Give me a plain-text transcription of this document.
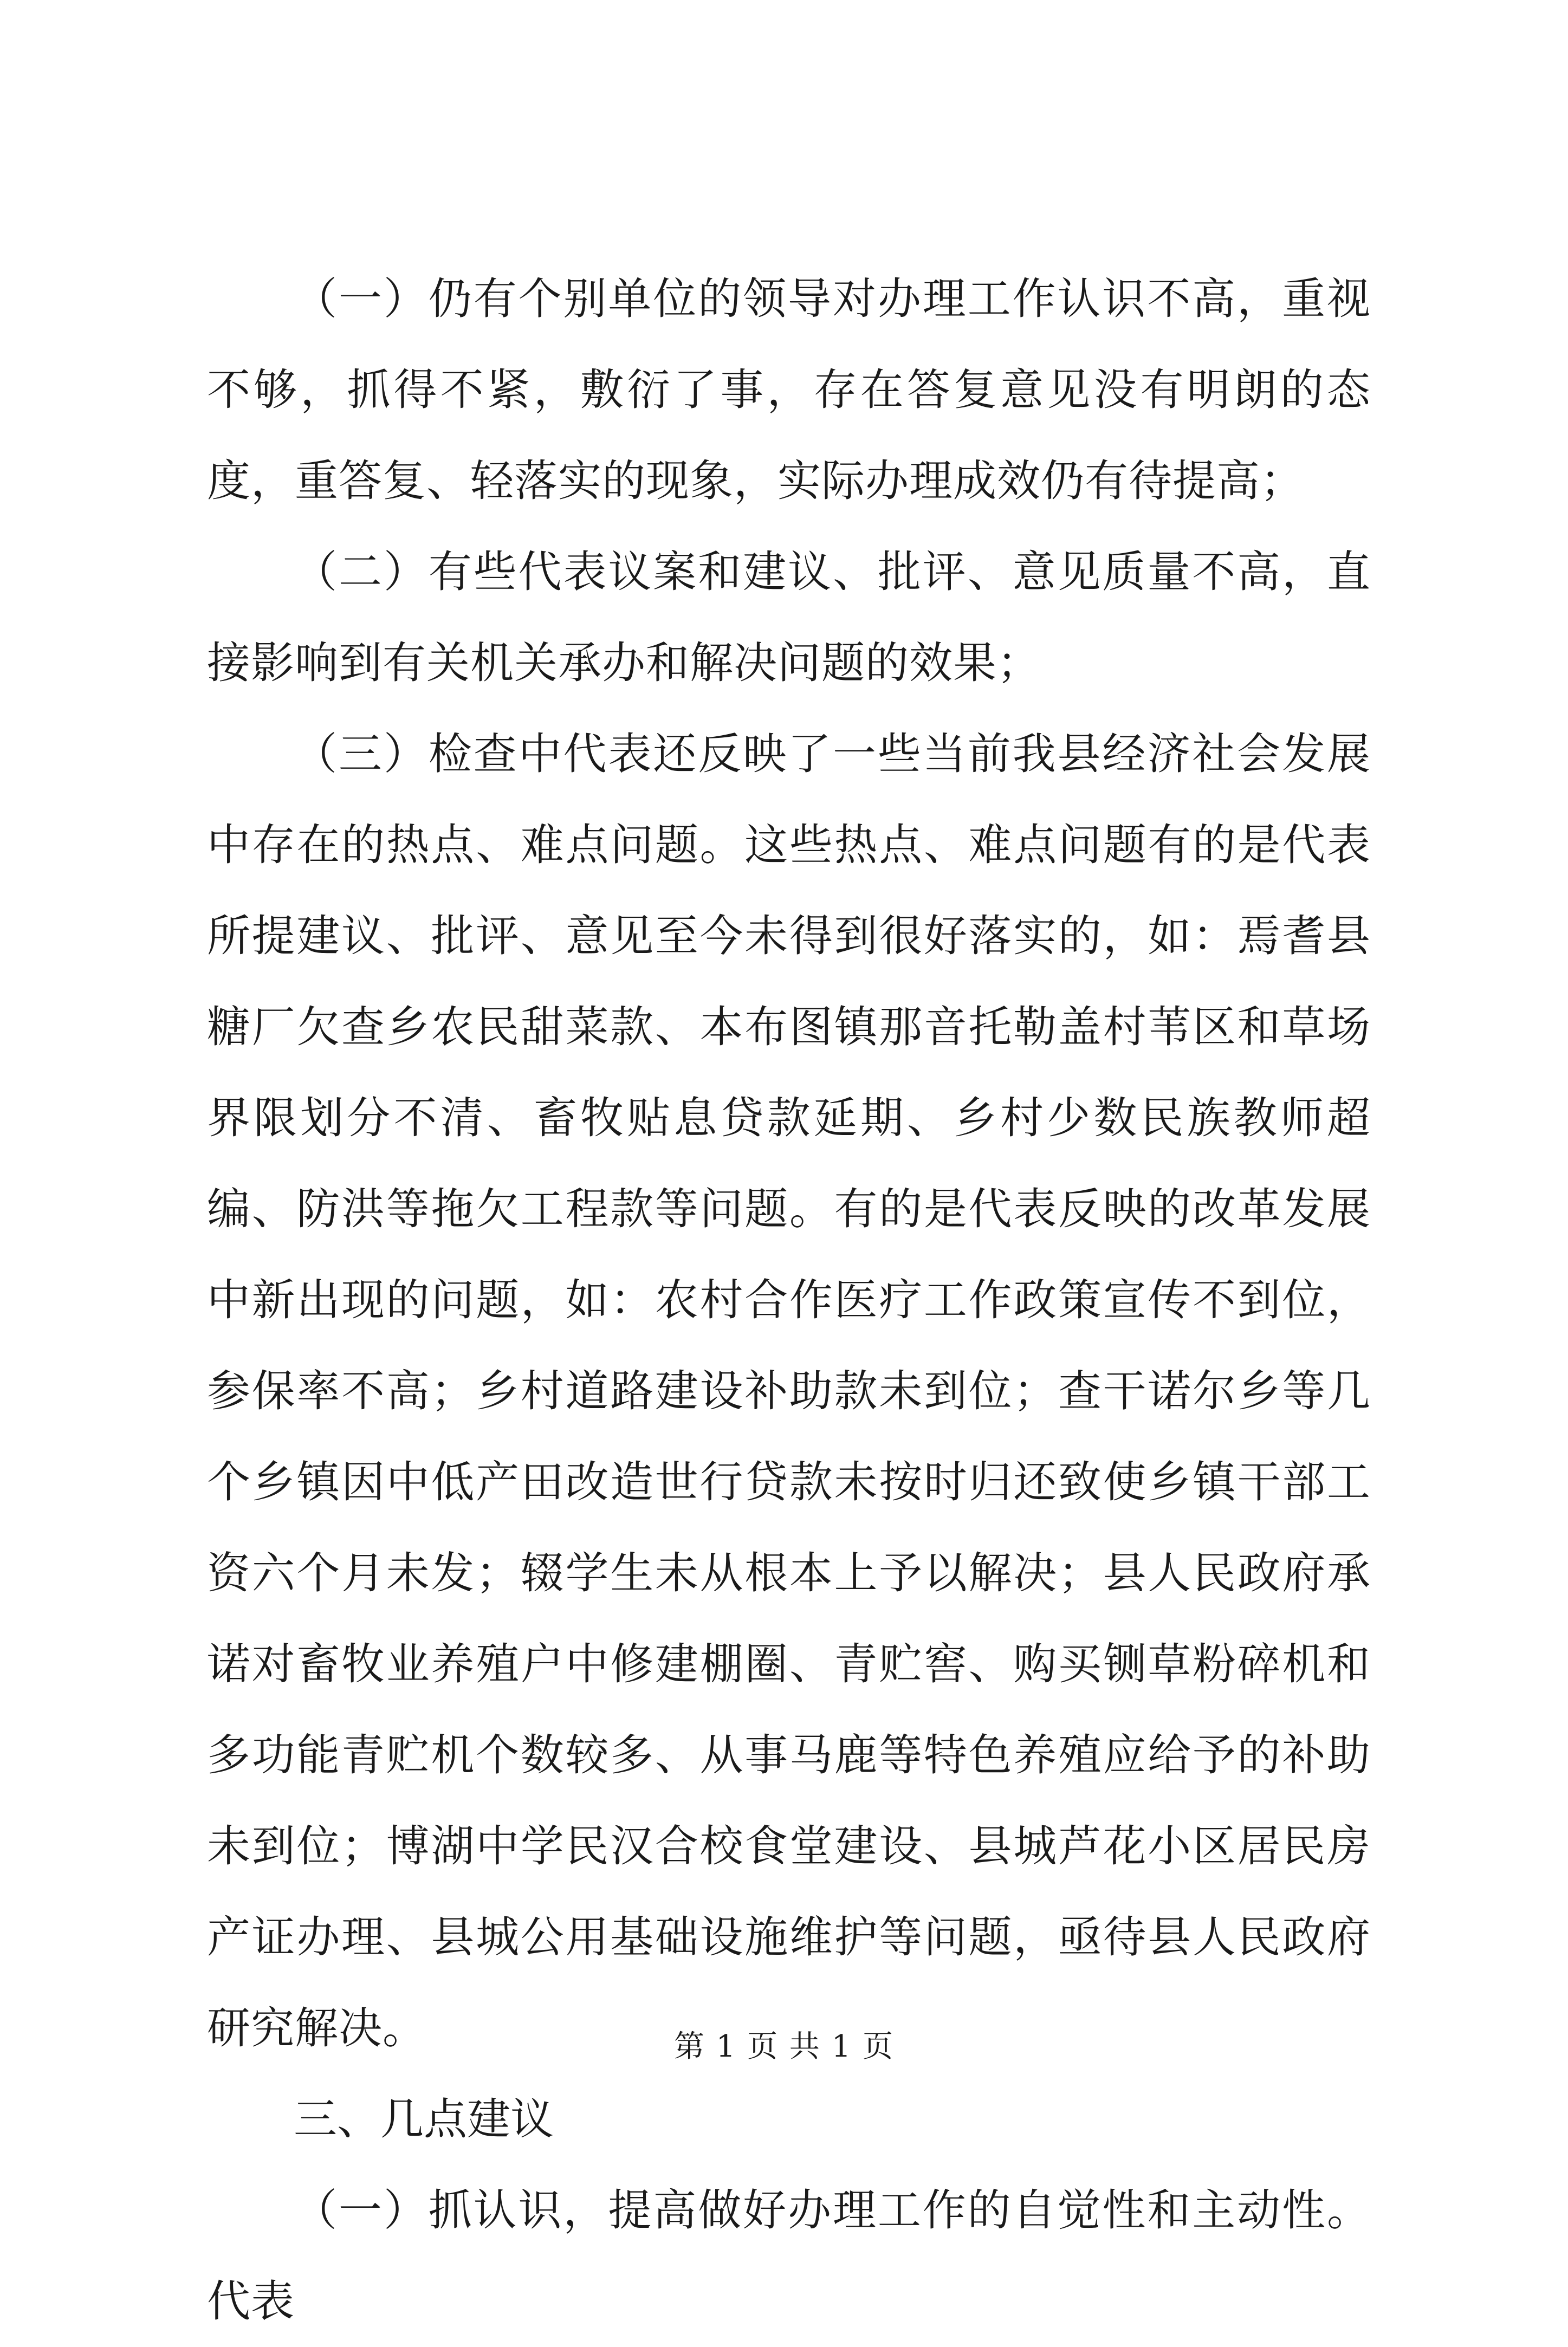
（一）仍有个别单位的领导对办理工作认识不高，重视不够，抓得不紧，敷衍了事，存在答复意见没有明朗的态度，重答复、轻落实的现象，实际办理成效仍有待提高；

（二）有些代表议案和建议、批评、意见质量不高，直接影响到有关机关承办和解决问题的效果；

（三）检查中代表还反映了一些当前我县经济社会发展中存在的热点、难点问题。这些热点、难点问题有的是代表所提建议、批评、意见至今未得到很好落实的，如：焉耆县糖厂欠查乡农民甜菜款、本布图镇那音托勒盖村苇区和草场界限划分不清、畜牧贴息贷款延期、乡村少数民族教师超编、防洪等拖欠工程款等问题。有的是代表反映的改革发展中新出现的问题，如：农村合作医疗工作政策宣传不到位，参保率不高；乡村道路建设补助款未到位；查干诺尔乡等几个乡镇因中低产田改造世行贷款未按时归还致使乡镇干部工资六个月未发；辍学生未从根本上予以解决；县人民政府承诺对畜牧业养殖户中修建棚圈、青贮窖、购买铡草粉碎机和多功能青贮机个数较多、从事马鹿等特色养殖应给予的补助未到位；博湖中学民汉合校食堂建设、县城芦花小区居民房产证办理、县城公用基础设施维护等问题，亟待县人民政府研究解决。

三、几点建议

（一）抓认识，提高做好办理工作的自觉性和主动性。代表

第 1 页 共 1 页
